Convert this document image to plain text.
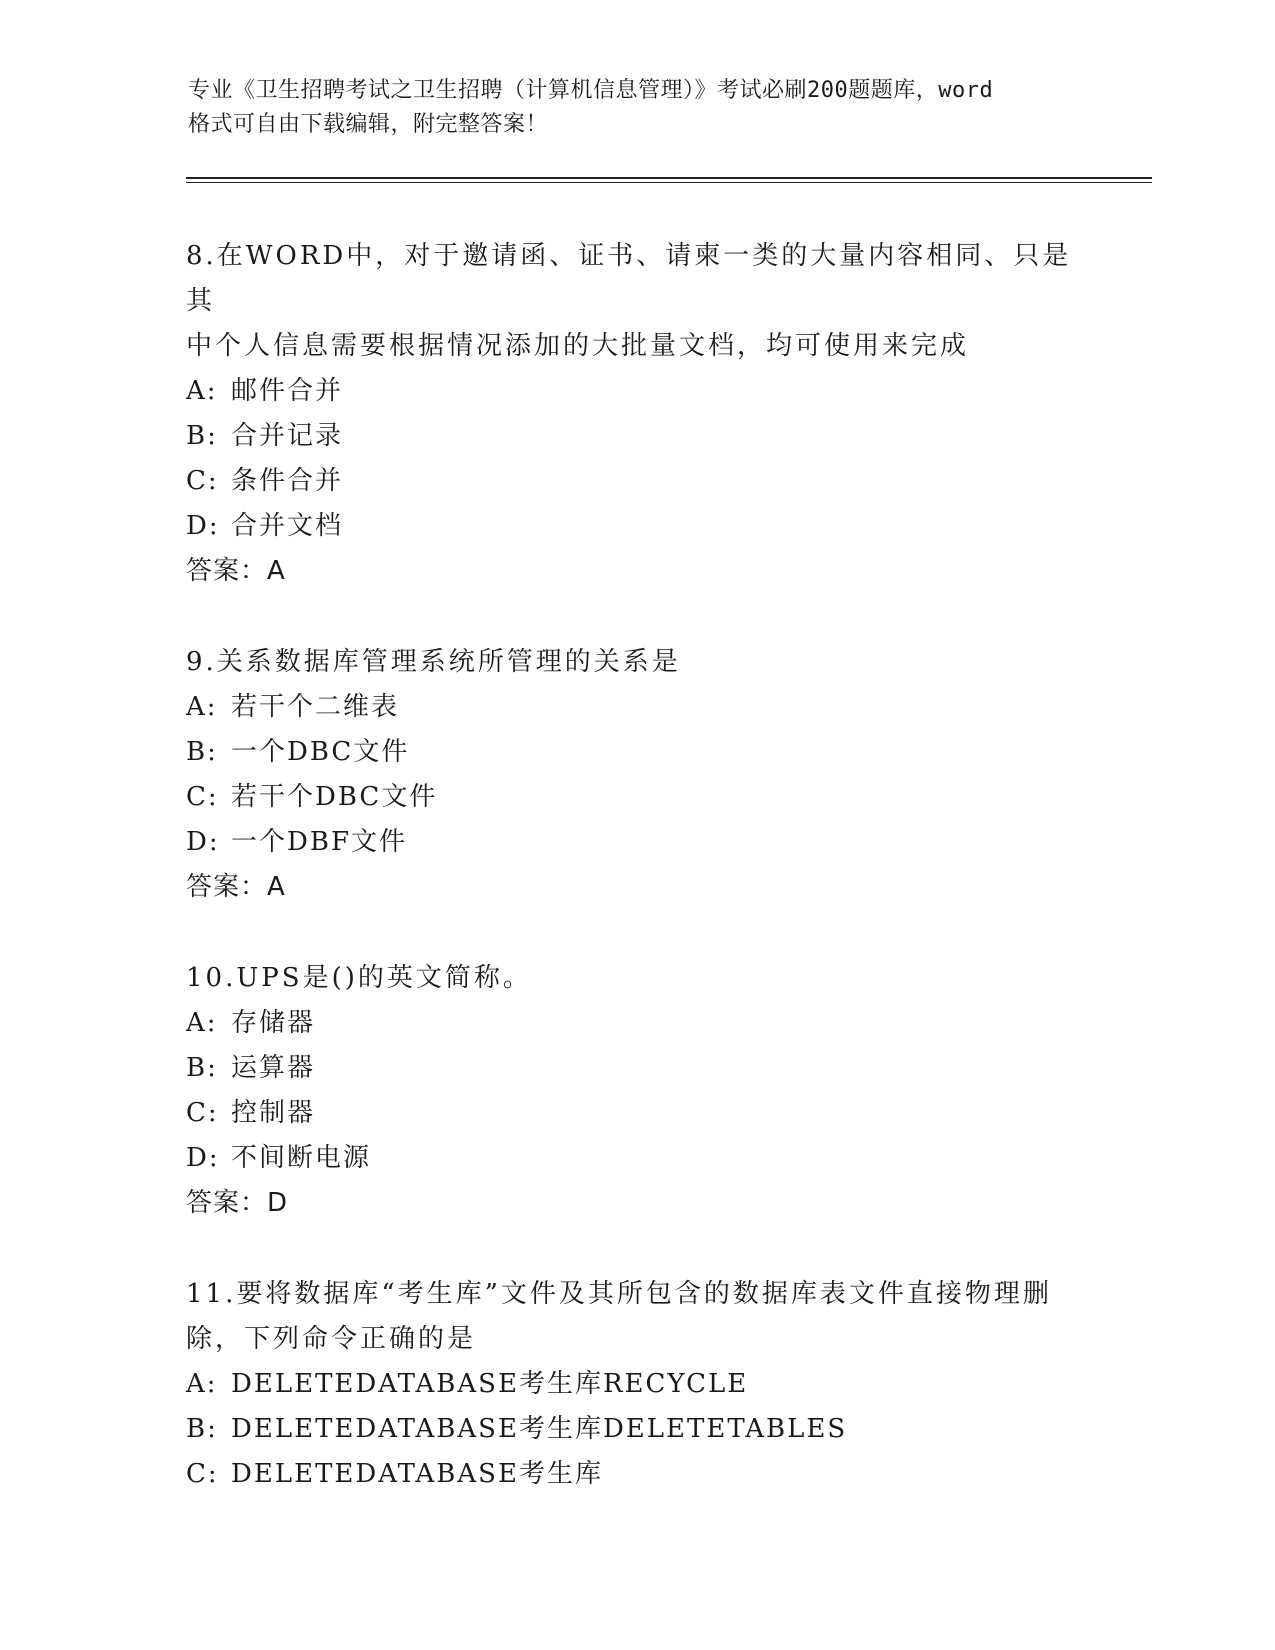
专业《卫生招聘考试之卫生招聘（计算机信息管理）》考试必刷200题题库，word
格式可自由下载编辑，附完整答案！
8.在WORD中，对于邀请函、证书、请柬一类的大量内容相同、只是其
中个人信息需要根据情况添加的大批量文档，均可使用来完成
A: 邮件合并
B: 合并记录
C: 条件合并
D: 合并文档
答案：A
9.关系数据库管理系统所管理的关系是
A: 若干个二维表
B: 一个DBC文件
C: 若干个DBC文件
D: 一个DBF文件
答案：A
10.UPS是()的英文简称。
A: 存储器
B: 运算器
C: 控制器
D: 不间断电源
答案：D
11.要将数据库“考生库”文件及其所包含的数据库表文件直接物理删
除，下列命令正确的是
A: DELETEDATABASE考生库RECYCLE
B: DELETEDATABASE考生库DELETETABLES
C: DELETEDATABASE考生库
